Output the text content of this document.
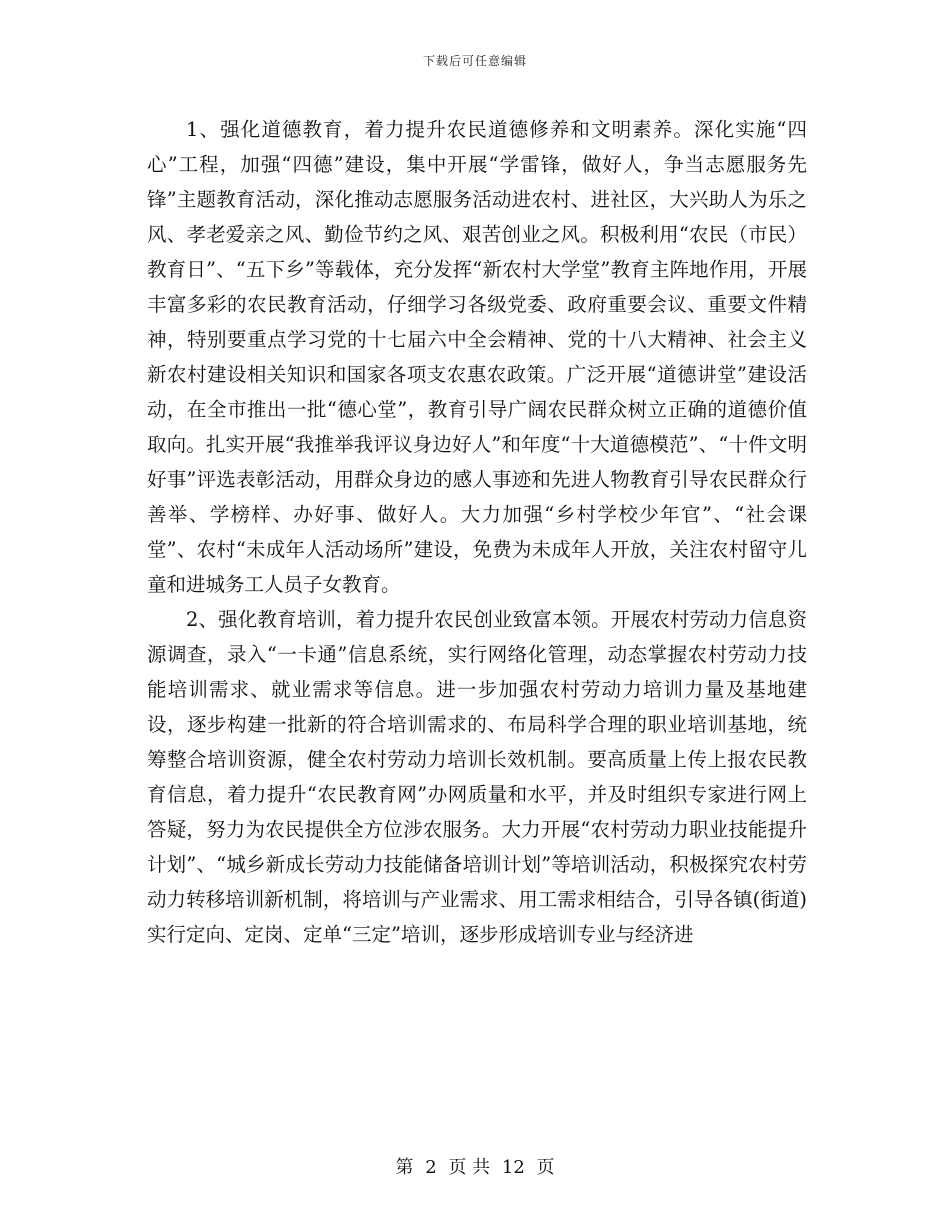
下载后可任意编辑

1、强化道德教育，着力提升农民道德修养和文明素养。深化实施“四心”工程，加强“四德”建设，集中开展“学雷锋，做好人，争当志愿服务先锋”主题教育活动，深化推动志愿服务活动进农村、进社区，大兴助人为乐之风、孝老爱亲之风、勤俭节约之风、艰苦创业之风。积极利用“农民（市民）教育日”、“五下乡”等载体，充分发挥“新农村大学堂”教育主阵地作用，开展丰富多彩的农民教育活动，仔细学习各级党委、政府重要会议、重要文件精神，特别要重点学习党的十七届六中全会精神、党的十八大精神、社会主义新农村建设相关知识和国家各项支农惠农政策。广泛开展“道德讲堂”建设活动，在全市推出一批“德心堂”，教育引导广阔农民群众树立正确的道德价值取向。扎实开展“我推举我评议身边好人”和年度“十大道德模范”、“十件文明好事”评选表彰活动，用群众身边的感人事迹和先进人物教育引导农民群众行善举、学榜样、办好事、做好人。大力加强“乡村学校少年官”、“社会课堂”、农村“未成年人活动场所”建设，免费为未成年人开放，关注农村留守儿童和进城务工人员子女教育。

2、强化教育培训，着力提升农民创业致富本领。开展农村劳动力信息资源调查，录入“一卡通”信息系统，实行网络化管理，动态掌握农村劳动力技能培训需求、就业需求等信息。进一步加强农村劳动力培训力量及基地建设，逐步构建一批新的符合培训需求的、布局科学合理的职业培训基地，统筹整合培训资源，健全农村劳动力培训长效机制。要高质量上传上报农民教育信息，着力提升“农民教育网”办网质量和水平，并及时组织专家进行网上答疑，努力为农民提供全方位涉农服务。大力开展“农村劳动力职业技能提升计划”、“城乡新成长劳动力技能储备培训计划”等培训活动，积极探究农村劳动力转移培训新机制，将培训与产业需求、用工需求相结合，引导各镇(街道)实行定向、定岗、定单“三定”培训，逐步形成培训专业与经济进

第 2 页 共 12 页
